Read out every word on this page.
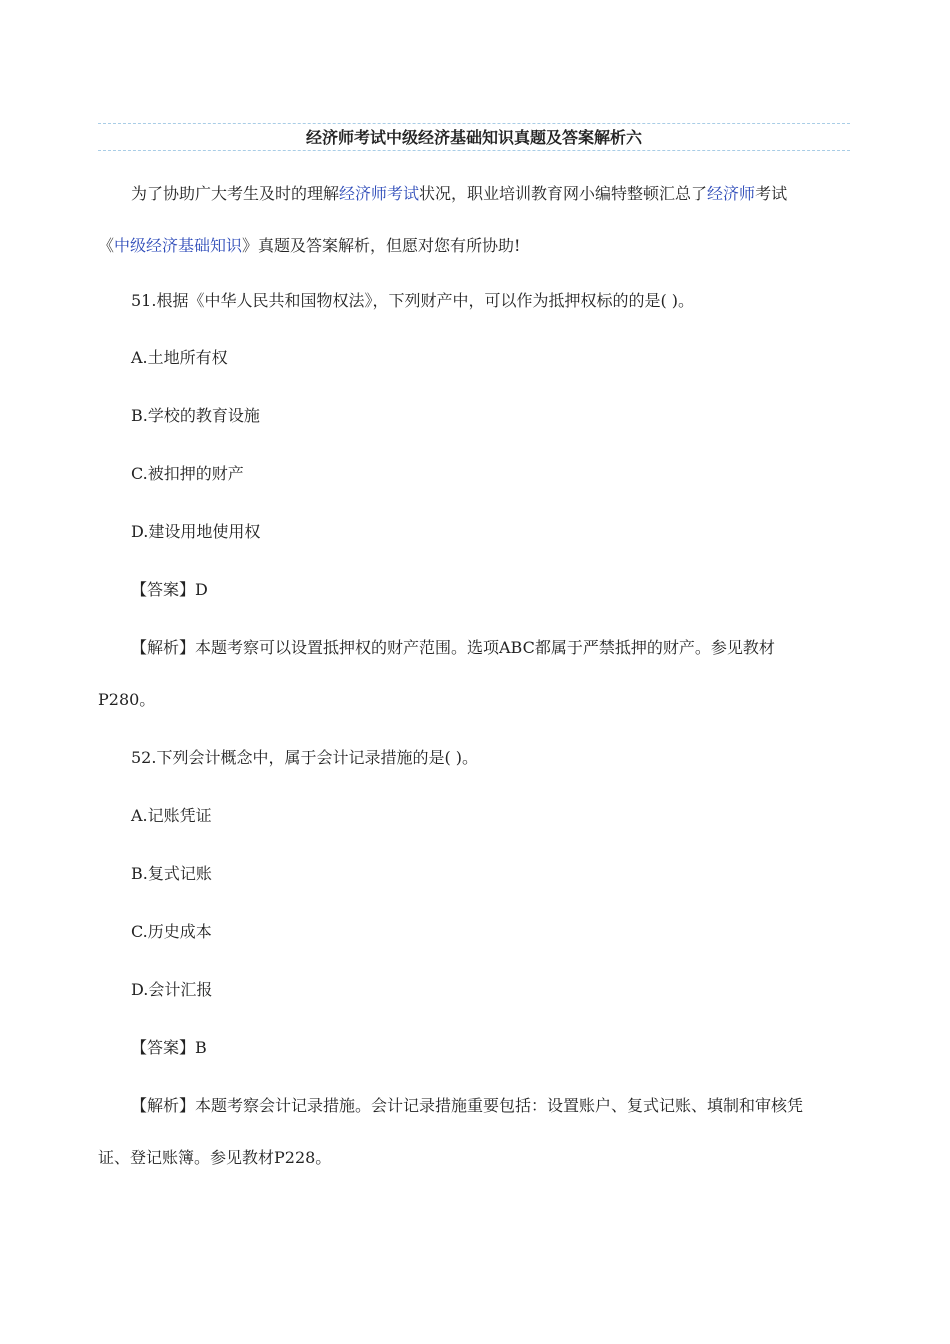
经济师考试中级经济基础知识真题及答案解析六
为了协助广大考生及时的理解经济师考试状况，职业培训教育网小编特整顿汇总了经济师考试
《中级经济基础知识》真题及答案解析，但愿对您有所协助!
51.根据《中华人民共和国物权法》，下列财产中，可以作为抵押权标的的是( )。
A.土地所有权
B.学校的教育设施
C.被扣押的财产
D.建设用地使用权
【答案】D
【解析】本题考察可以设置抵押权的财产范围。选项ABC都属于严禁抵押的财产。参见教材
P280。
52.下列会计概念中，属于会计记录措施的是( )。
A.记账凭证
B.复式记账
C.历史成本
D.会计汇报
【答案】B
【解析】本题考察会计记录措施。会计记录措施重要包括：设置账户、复式记账、填制和审核凭
证、登记账簿。参见教材P228。
